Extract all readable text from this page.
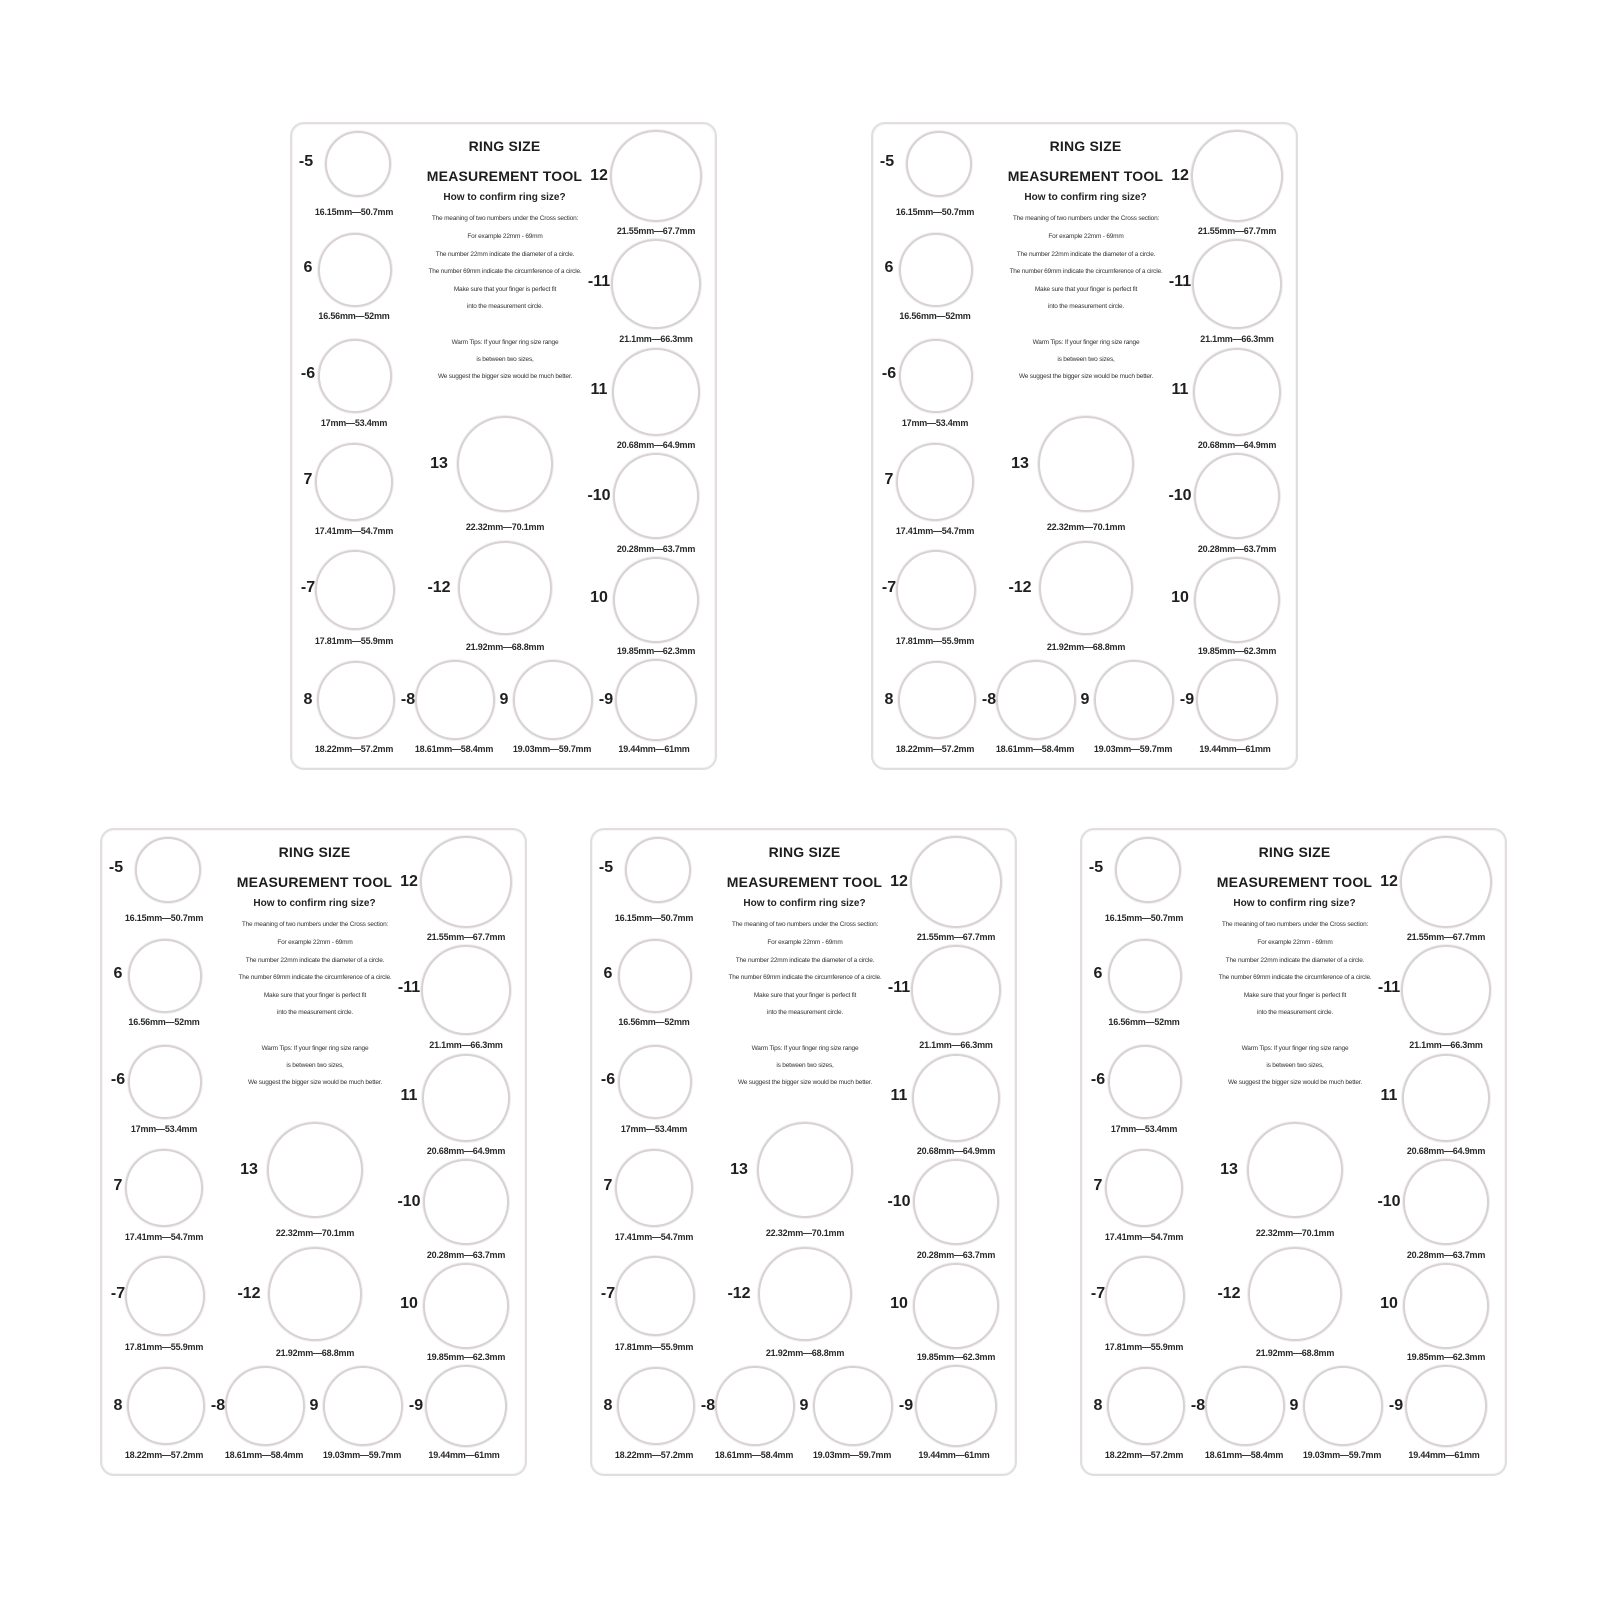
RING SIZE
MEASUREMENT TOOL
How to confirm ring size?
The meaning of two numbers under the Cross section:
For example 22mm - 69mm
The number 22mm indicate the diameter of a circle.
The number 69mm indicate the circumference of a circle.
Make sure that your finger is perfect fit
into the measurement circle.
Warm Tips: If your finger ring size range
is between two sizes,
We suggest the bigger size would be much better.
-5
16.15mm—50.7mm
6
16.56mm—52mm
-6
17mm—53.4mm
7
17.41mm—54.7mm
-7
17.81mm—55.9mm
8
18.22mm—57.2mm
-8
18.61mm—58.4mm
9
19.03mm—59.7mm
-9
19.44mm—61mm
10
19.85mm—62.3mm
-10
20.28mm—63.7mm
11
20.68mm—64.9mm
-11
21.1mm—66.3mm
12
21.55mm—67.7mm
-12
21.92mm—68.8mm
13
22.32mm—70.1mm
RING SIZE
MEASUREMENT TOOL
How to confirm ring size?
The meaning of two numbers under the Cross section:
For example 22mm - 69mm
The number 22mm indicate the diameter of a circle.
The number 69mm indicate the circumference of a circle.
Make sure that your finger is perfect fit
into the measurement circle.
Warm Tips: If your finger ring size range
is between two sizes,
We suggest the bigger size would be much better.
-5
16.15mm—50.7mm
6
16.56mm—52mm
-6
17mm—53.4mm
7
17.41mm—54.7mm
-7
17.81mm—55.9mm
8
18.22mm—57.2mm
-8
18.61mm—58.4mm
9
19.03mm—59.7mm
-9
19.44mm—61mm
10
19.85mm—62.3mm
-10
20.28mm—63.7mm
11
20.68mm—64.9mm
-11
21.1mm—66.3mm
12
21.55mm—67.7mm
-12
21.92mm—68.8mm
13
22.32mm—70.1mm
RING SIZE
MEASUREMENT TOOL
How to confirm ring size?
The meaning of two numbers under the Cross section:
For example 22mm - 69mm
The number 22mm indicate the diameter of a circle.
The number 69mm indicate the circumference of a circle.
Make sure that your finger is perfect fit
into the measurement circle.
Warm Tips: If your finger ring size range
is between two sizes,
We suggest the bigger size would be much better.
-5
16.15mm—50.7mm
6
16.56mm—52mm
-6
17mm—53.4mm
7
17.41mm—54.7mm
-7
17.81mm—55.9mm
8
18.22mm—57.2mm
-8
18.61mm—58.4mm
9
19.03mm—59.7mm
-9
19.44mm—61mm
10
19.85mm—62.3mm
-10
20.28mm—63.7mm
11
20.68mm—64.9mm
-11
21.1mm—66.3mm
12
21.55mm—67.7mm
-12
21.92mm—68.8mm
13
22.32mm—70.1mm
RING SIZE
MEASUREMENT TOOL
How to confirm ring size?
The meaning of two numbers under the Cross section:
For example 22mm - 69mm
The number 22mm indicate the diameter of a circle.
The number 69mm indicate the circumference of a circle.
Make sure that your finger is perfect fit
into the measurement circle.
Warm Tips: If your finger ring size range
is between two sizes,
We suggest the bigger size would be much better.
-5
16.15mm—50.7mm
6
16.56mm—52mm
-6
17mm—53.4mm
7
17.41mm—54.7mm
-7
17.81mm—55.9mm
8
18.22mm—57.2mm
-8
18.61mm—58.4mm
9
19.03mm—59.7mm
-9
19.44mm—61mm
10
19.85mm—62.3mm
-10
20.28mm—63.7mm
11
20.68mm—64.9mm
-11
21.1mm—66.3mm
12
21.55mm—67.7mm
-12
21.92mm—68.8mm
13
22.32mm—70.1mm
RING SIZE
MEASUREMENT TOOL
How to confirm ring size?
The meaning of two numbers under the Cross section:
For example 22mm - 69mm
The number 22mm indicate the diameter of a circle.
The number 69mm indicate the circumference of a circle.
Make sure that your finger is perfect fit
into the measurement circle.
Warm Tips: If your finger ring size range
is between two sizes,
We suggest the bigger size would be much better.
-5
16.15mm—50.7mm
6
16.56mm—52mm
-6
17mm—53.4mm
7
17.41mm—54.7mm
-7
17.81mm—55.9mm
8
18.22mm—57.2mm
-8
18.61mm—58.4mm
9
19.03mm—59.7mm
-9
19.44mm—61mm
10
19.85mm—62.3mm
-10
20.28mm—63.7mm
11
20.68mm—64.9mm
-11
21.1mm—66.3mm
12
21.55mm—67.7mm
-12
21.92mm—68.8mm
13
22.32mm—70.1mm
